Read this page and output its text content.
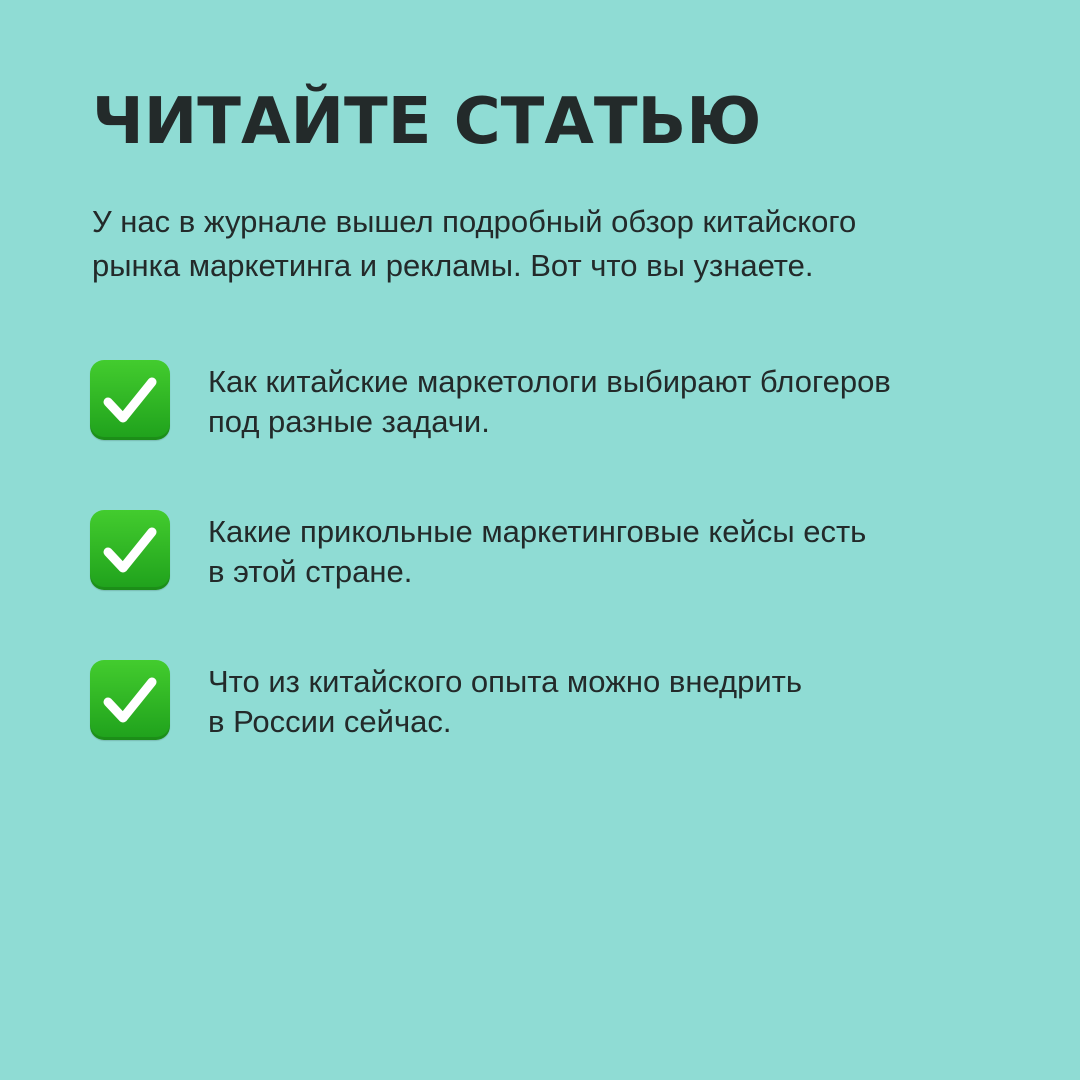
ЧИТАЙТЕ СТАТЬЮ

У нас в журнале вышел подробный обзор китайского
рынка маркетинга и рекламы. Вот что вы узнаете.

Как китайские маркетологи выбирают блогеров
под разные задачи.
Какие прикольные маркетинговые кейсы есть
в этой стране.
Что из китайского опыта можно внедрить
в России сейчас.
